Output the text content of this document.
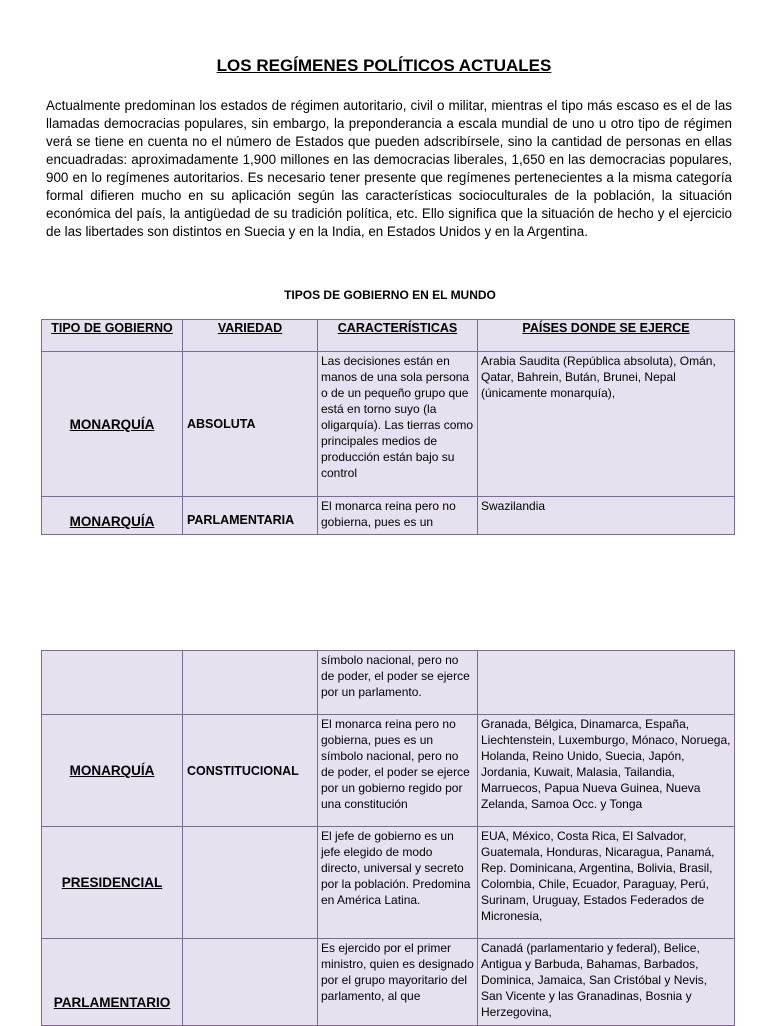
LOS REGÍMENES POLÍTICOS ACTUALES

Actualmente predominan los estados de régimen autoritario, civil o militar, mientras el tipo más escaso es el de las llamadas democracias populares, sin embargo, la preponderancia a escala mundial de uno u otro tipo de régimen verá se tiene en cuenta no el número de Estados que pueden adscribírsele, sino la cantidad de personas en ellas encuadradas: aproximadamente 1,900 millones en las democracias liberales, 1,650 en las democracias populares, 900 en lo regímenes autoritarios. Es necesario tener presente que regímenes pertenecientes a la misma categoría formal difieren mucho en su aplicación según las características socioculturales de la población, la situación económica del país, la antigüedad de su tradición política, etc. Ello significa que la situación de hecho y el ejercicio de las libertades son distintos en Suecia y en la India, en Estados Unidos y en la Argentina.

TIPOS DE GOBIERNO EN EL MUNDO
TIPO DE GOBIERNO	VARIEDAD	CARACTERÍSTICAS	PAÍSES DONDE SE EJERCE
MONARQUÍA	ABSOLUTA	Las decisiones están en manos de una sola persona o de un pequeño grupo que está en torno suyo (la oligarquía). Las tierras como principales medios de producción están bajo su control	Arabia Saudita (República absoluta), Omán, Qatar, Bahrein, Bután, Brunei, Nepal (únicamente monarquía),

MONARQUÍA	PARLAMENTARIA	El monarca reina pero no gobierna, pues es un	Swazilandia
		símbolo nacional, pero no de poder, el poder se ejerce por un parlamento.	
MONARQUÍA	CONSTITUCIONAL	El monarca reina pero no gobierna, pues es un símbolo nacional, pero no de poder, el poder se ejerce por un gobierno regido por una constitución	Granada, Bélgica, Dinamarca, España, Liechtenstein, Luxemburgo, Mónaco, Noruega, Holanda, Reino Unido, Suecia, Japón, Jordania, Kuwait, Malasia, Tailandia, Marruecos, Papua Nueva Guinea, Nueva Zelanda, Samoa Occ. y Tonga
PRESIDENCIAL		El jefe de gobierno es un jefe elegido de modo directo, universal y secreto por la población. Predomina en América Latina.	EUA, México, Costa Rica, El Salvador, Guatemala, Honduras, Nicaragua, Panamá, Rep. Dominicana, Argentina, Bolivia, Brasil, Colombia, Chile, Ecuador, Paraguay, Perú, Surinam, Uruguay, Estados Federados de Micronesia,

PARLAMENTARIO		Es ejercido por el primer ministro, quien es designado por el grupo mayoritario del parlamento, al que	Canadá (parlamentario y federal), Belice, Antigua y Barbuda, Bahamas, Barbados, Dominica, Jamaica, San Cristóbal y Nevis, San Vicente y las Granadinas, Bosnia y Herzegovina,
